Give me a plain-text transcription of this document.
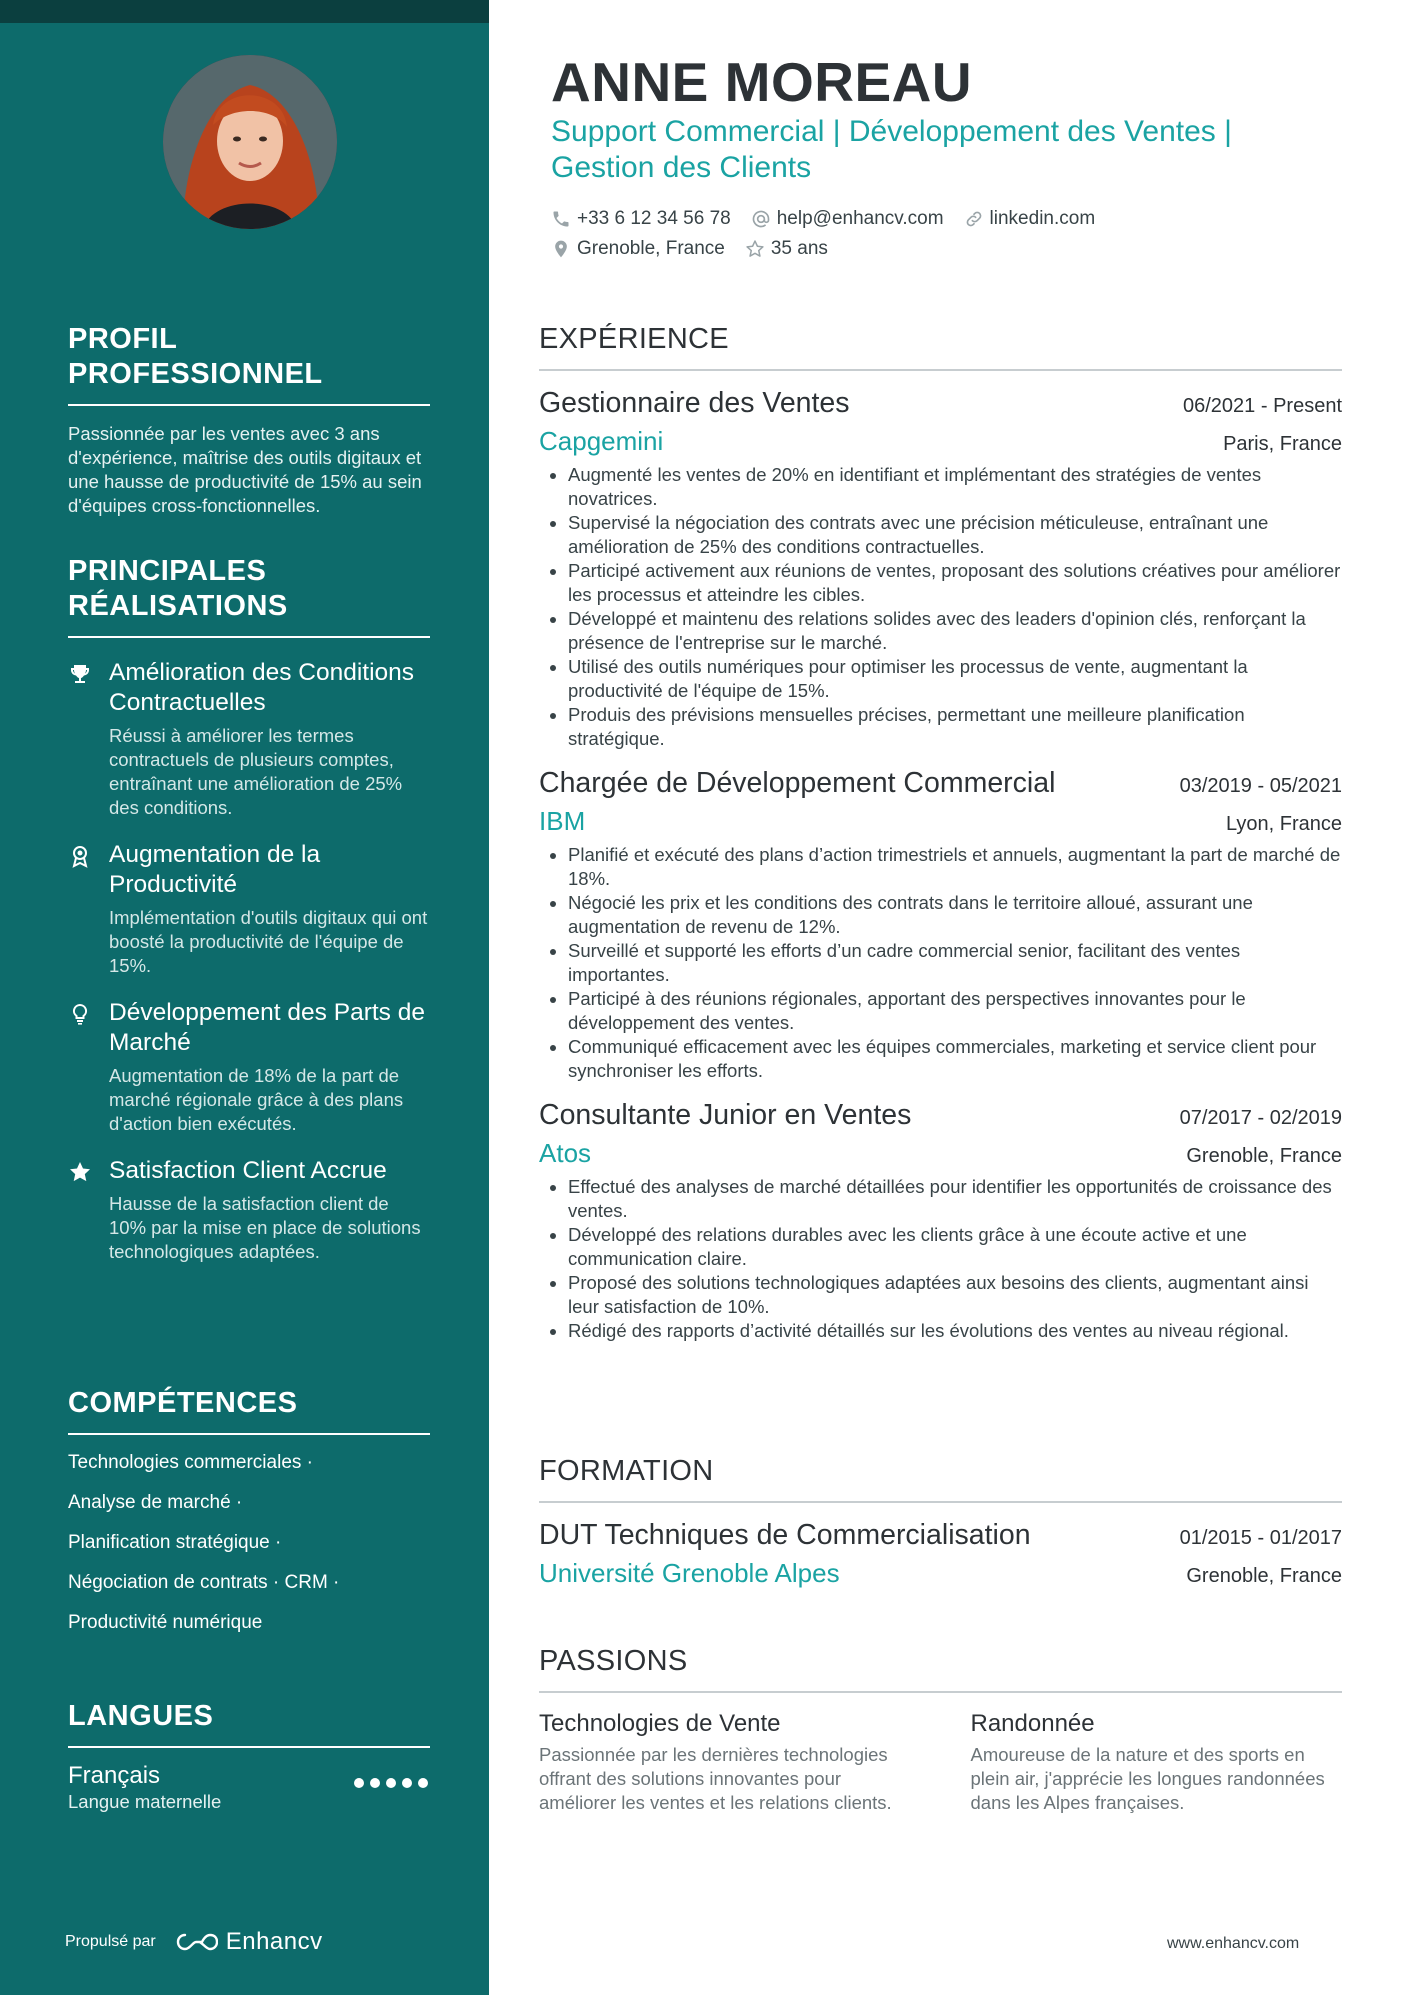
PROFIL PROFESSIONNEL
Passionnée par les ventes avec 3 ans d'expérience, maîtrise des outils digitaux et une hausse de productivité de 15% au sein d'équipes cross-fonctionnelles.
PRINCIPALES
RÉALISATIONS
Amélioration des Conditions Contractuelles
Réussi à améliorer les termes contractuels de plusieurs comptes, entraînant une amélioration de 25% des conditions.
Augmentation de la Productivité
Implémentation d'outils digitaux qui ont boosté la productivité de l'équipe de 15%.
Développement des Parts de Marché
Augmentation de 18% de la part de marché régionale grâce à des plans d'action bien exécutés.
Satisfaction Client Accrue
Hausse de la satisfaction client de 10% par la mise en place de solutions technologiques adaptées.
COMPÉTENCES
Technologies commerciales ·
Analyse de marché ·
Planification stratégique ·
Négociation de contrats · CRM ·
Productivité numérique
LANGUES
Français
Langue maternelle
Propulsé par	Enhancv
ANNE MOREAU
Support Commercial | Développement des Ventes |
Gestion des Clients
+33 6 12 34 56 78 help@enhancv.com linkedin.com
Grenoble, France 35 ans
EXPÉRIENCE
Gestionnaire des Ventes	06/2021 - Present
Capgemini	Paris, France
• Augmenté les ventes de 20% en identifiant et implémentant des stratégies de ventes novatrices.
• Supervisé la négociation des contrats avec une précision méticuleuse, entraînant une amélioration de 25% des conditions contractuelles.
• Participé activement aux réunions de ventes, proposant des solutions créatives pour améliorer les processus et atteindre les cibles.
• Développé et maintenu des relations solides avec des leaders d'opinion clés, renforçant la présence de l'entreprise sur le marché.
• Utilisé des outils numériques pour optimiser les processus de vente, augmentant la productivité de l'équipe de 15%.
• Produis des prévisions mensuelles précises, permettant une meilleure planification stratégique.
Chargée de Développement Commercial	03/2019 - 05/2021
IBM	Lyon, France
• Planifié et exécuté des plans d’action trimestriels et annuels, augmentant la part de marché de 18%.
• Négocié les prix et les conditions des contrats dans le territoire alloué, assurant une augmentation de revenu de 12%.
• Surveillé et supporté les efforts d’un cadre commercial senior, facilitant des ventes importantes.
• Participé à des réunions régionales, apportant des perspectives innovantes pour le développement des ventes.
• Communiqué efficacement avec les équipes commerciales, marketing et service client pour synchroniser les efforts.
Consultante Junior en Ventes	07/2017 - 02/2019
Atos	Grenoble, France
• Effectué des analyses de marché détaillées pour identifier les opportunités de croissance des ventes.
• Développé des relations durables avec les clients grâce à une écoute active et une communication claire.
• Proposé des solutions technologiques adaptées aux besoins des clients, augmentant ainsi leur satisfaction de 10%.
• Rédigé des rapports d’activité détaillés sur les évolutions des ventes au niveau régional.
FORMATION
DUT Techniques de Commercialisation	01/2015 - 01/2017
Université Grenoble Alpes	Grenoble, France
PASSIONS
Technologies de Vente
Passionnée par les dernières technologies offrant des solutions innovantes pour améliorer les ventes et les relations clients.
Randonnée
Amoureuse de la nature et des sports en plein air, j'apprécie les longues randonnées dans les Alpes françaises.
www.enhancv.com
